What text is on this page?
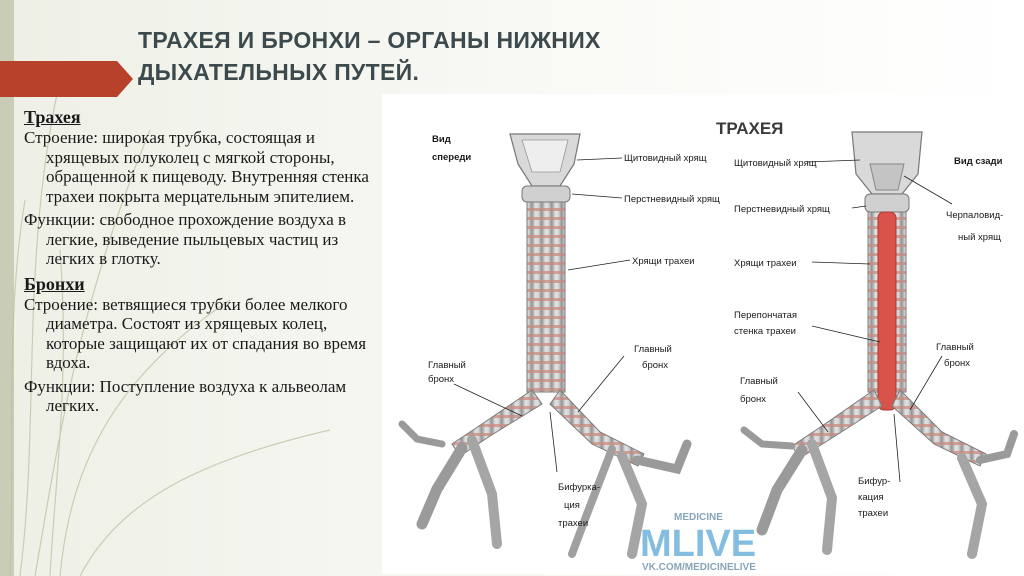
ТРАХЕЯ И БРОНХИ – ОРГАНЫ НИЖНИХ ДЫХАТЕЛЬНЫХ ПУТЕЙ.
Трахея

Строение: широкая трубка, состоящая и хрящевых полуколец с мягкой стороны, обращенной к пищеводу. Внутренняя стенка трахеи покрыта мерцательным эпителием.

Функции: свободное прохождение воздуха в легкие, выведение пыльцевых частиц из легких в глотку.

Бронхи

Строение: ветвящиеся трубки более мелкого диаметра. Состоят из хрящевых колец, которые защищают их от спадания во время вдоха.

Функции: Поступление воздуха к альвеолам легких.

ТРАХЕЯ
Вид
спереди	Щитовидный хрящ
Перстневидный хрящ
Хрящи трахеи
Главный
бронх
Главный
бронх
Бифурка-
ция
трахеи
Вид сзади
Щитовидный хрящ
Перстневидный хрящ
Черпаловид-
ный хрящ
Хрящи трахеи
Перепончатая
стенка трахеи
Главный
бронх
Главный
бронх
Бифур-
кация
трахеи
MEDICINE
MLIVE
VK.COM/MEDICINELIVE
